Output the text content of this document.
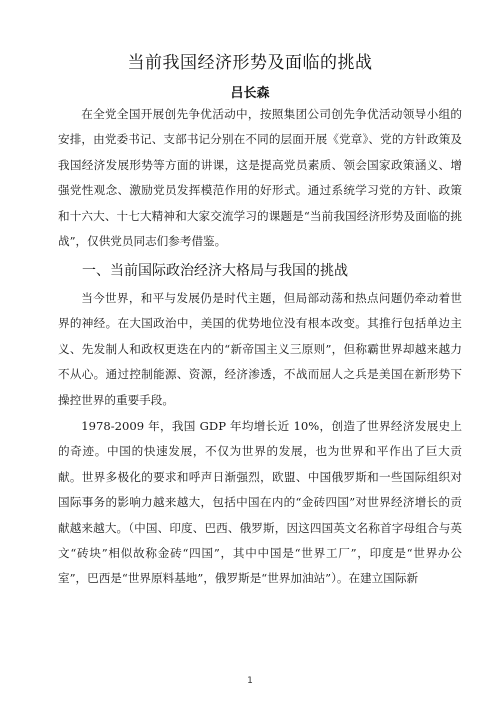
当前我国经济形势及面临的挑战
吕长森

在全党全国开展创先争优活动中，按照集团公司创先争优活动领导小组的安排，由党委书记、支部书记分别在不同的层面开展《党章》、党的方针政策及我国经济发展形势等方面的讲课，这是提高党员素质、领会国家政策涵义、增强党性观念、激励党员发挥模范作用的好形式。通过系统学习党的方针、政策和十六大、十七大精神和大家交流学习的课题是“当前我国经济形势及面临的挑战”，仅供党员同志们参考借鉴。

一、当前国际政治经济大格局与我国的挑战

当今世界，和平与发展仍是时代主题，但局部动荡和热点问题仍牵动着世界的神经。在大国政治中，美国的优势地位没有根本改变。其推行包括单边主义、先发制人和政权更迭在内的“新帝国主义三原则”，但称霸世界却越来越力不从心。通过控制能源、资源，经济渗透，不战而屈人之兵是美国在新形势下操控世界的重要手段。

1978-2009 年，我国 GDP 年均增长近 10%，创造了世界经济发展史上的奇迹。中国的快速发展，不仅为世界的发展，也为世界和平作出了巨大贡献。世界多极化的要求和呼声日渐强烈，欧盟、中国俄罗斯和一些国际组织对国际事务的影响力越来越大，包括中国在内的“金砖四国”对世界经济增长的贡献越来越大。（中国、印度、巴西、俄罗斯，因这四国英文名称首字母组合与英文“砖块”相似故称金砖“四国”，其中中国是“世界工厂”，印度是“世界办公室”，巴西是“世界原料基地”，俄罗斯是“世界加油站”）。在建立国际新

1
